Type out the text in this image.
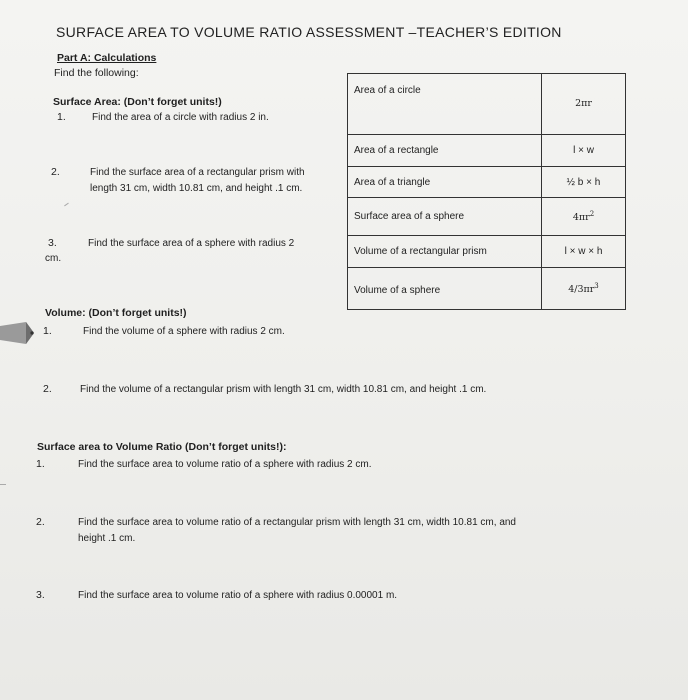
SURFACE AREA TO VOLUME RATIO ASSESSMENT –TEACHER’S EDITION
Part A: Calculations
Find the following:
Surface Area: (Don’t forget units!)
1.	Find the area of a circle with radius 2 in.
2.	Find the surface area of a rectangular prism with
length 31 cm, width 10.81 cm, and height .1 cm.
3.	Find the surface area of a sphere with radius 2
cm.
Area of a circle	2πr
Area of a rectangle	l × w
Area of a triangle	½ b × h
Surface area of a sphere	$4\pi r^2$
Volume of a rectangular prism	l × w × h
Volume of a sphere	$4/3\pi r^3$
Volume: (Don’t forget units!)
1.	Find the volume of a sphere with radius 2 cm.
2.	Find the volume of a rectangular prism with length 31 cm, width 10.81 cm, and height .1 cm.
Surface area to Volume Ratio (Don’t forget units!):
1.	Find the surface area to volume ratio of a sphere with radius 2 cm.
2.	Find the surface area to volume ratio of a rectangular prism with length 31 cm, width 10.81 cm, and
height .1 cm.
3.	Find the surface area to volume ratio of a sphere with radius 0.00001 m.
